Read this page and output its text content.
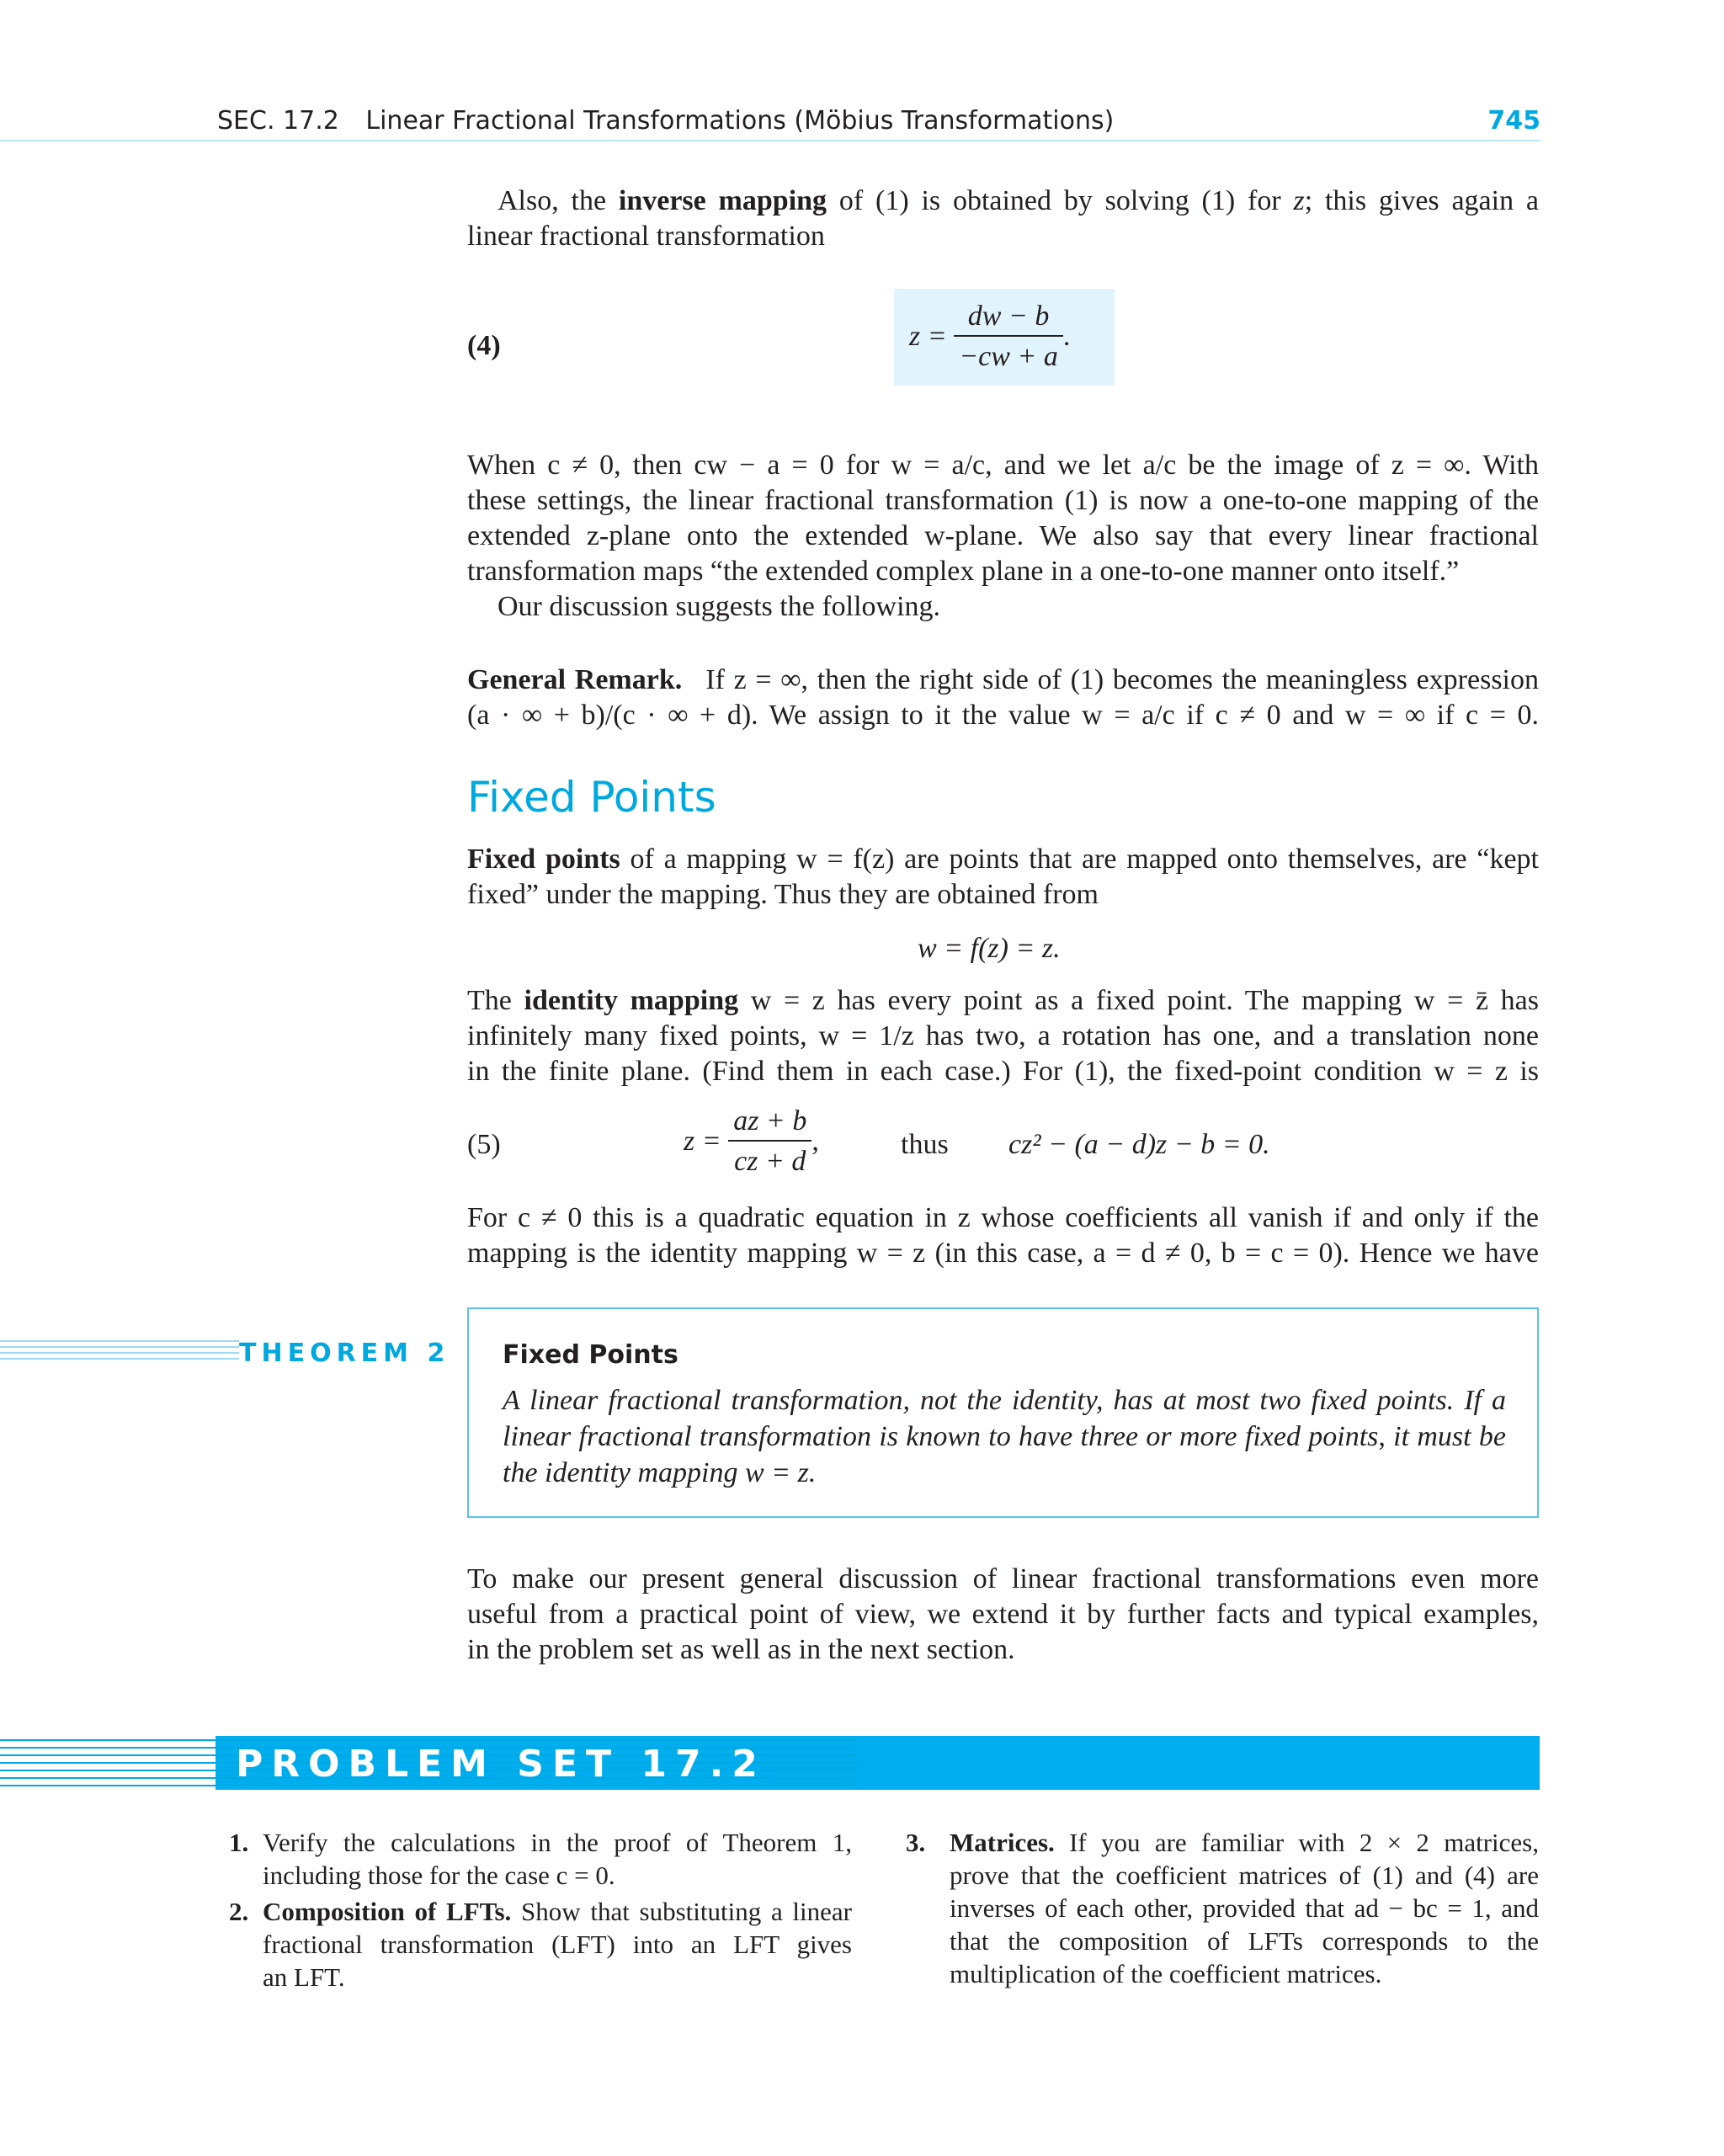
SEC. 17.2 Linear Fractional Transformations (Möbius Transformations)	745
Also, the inverse mapping of (1) is obtained by solving (1) for z; this gives again a
linear fractional transformation
(4)	$z = \frac{dw - b}{-cw + a}$ .
When c ≠ 0, then cw − a = 0 for w = a/c, and we let a/c be the image of z = ∞. With
these settings, the linear fractional transformation (1) is now a one-to-one mapping of the
extended z-plane onto the extended w-plane. We also say that every linear fractional
transformation maps “the extended complex plane in a one-to-one manner onto itself.”
Our discussion suggests the following.
General Remark. If z = ∞, then the right side of (1) becomes the meaningless expression
(a · ∞ + b)/(c · ∞ + d). We assign to it the value w = a/c if c ≠ 0 and w = ∞ if c = 0.
Fixed Points
Fixed points of a mapping w = f(z) are points that are mapped onto themselves, are “kept
fixed” under the mapping. Thus they are obtained from
w = f(z) = z.
The identity mapping w = z has every point as a fixed point. The mapping w = z̄ has
infinitely many fixed points, w = 1/z has two, a rotation has one, and a translation none
in the finite plane. (Find them in each case.) For (1), the fixed-point condition w = z is
(5)	$z = \frac{az + b}{cz + d}$ ,	thus cz² − (a − d)z − b = 0.
For c ≠ 0 this is a quadratic equation in z whose coefficients all vanish if and only if the
mapping is the identity mapping w = z (in this case, a = d ≠ 0, b = c = 0). Hence we have
THEOREM 2 Fixed Points
A linear fractional transformation, not the identity, has at most two fixed points. If a linear fractional transformation is known to have three or more fixed points, it must be the identity mapping w = z.
To make our present general discussion of linear fractional transformations even more
useful from a practical point of view, we extend it by further facts and typical examples,
in the problem set as well as in the next section.
PROBLEM SET 17.2
1. Verify the calculations in the proof of Theorem 1,
including those for the case c = 0.
2. Composition of LFTs. Show that substituting a linear
fractional transformation (LFT) into an LFT gives
an LFT.
3. Matrices. If you are familiar with 2 × 2 matrices,
prove that the coefficient matrices of (1) and (4) are
inverses of each other, provided that ad − bc = 1, and
that the composition of LFTs corresponds to the
multiplication of the coefficient matrices.
